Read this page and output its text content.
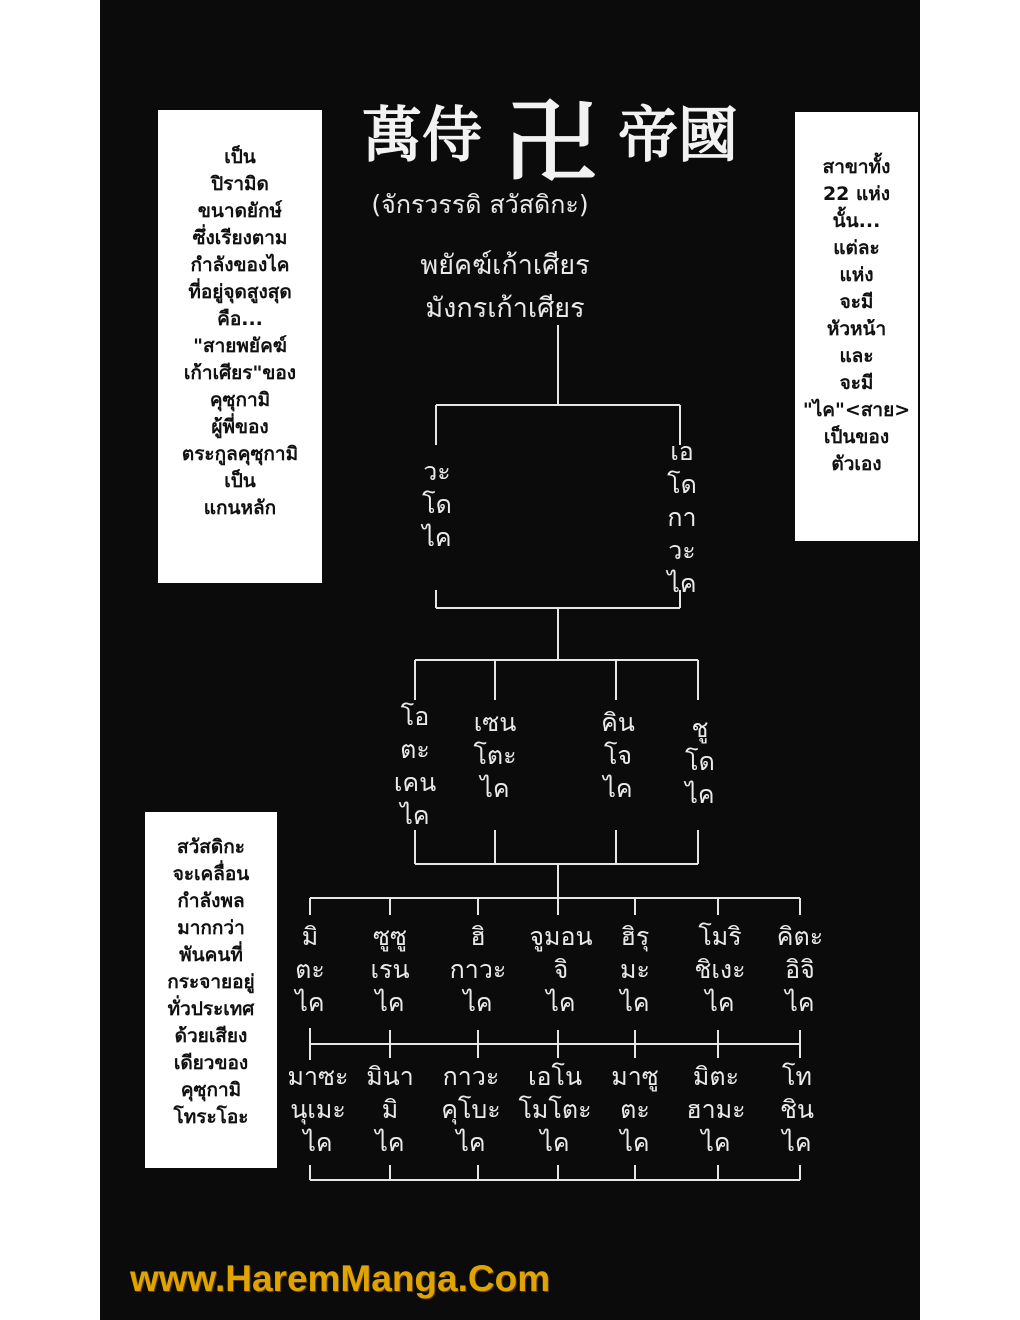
萬侍 卍 帝國
(จักรวรรดิ สวัสดิกะ)
พยัคฆ์เก้าเศียร
มังกรเก้าเศียร
วะ
โด
ไค
เอ
โด
กา
วะ
ไค
โอ
ตะ
เคน
ไค
เซน
โตะ
ไค
คิน
โจ
ไค
ชู
โด
ไค
มิ
ตะ
ไค
ซูซู
เรน
ไค
ฮิ
กาวะ
ไค
จูมอน
จิ
ไค
ฮิรุ
มะ
ไค
โมริ
ชิเงะ
ไค
คิตะ
อิจิ
ไค
มาซะ
นุเมะ
ไค
มินา
มิ
ไค
กาวะ
คุโบะ
ไค
เอโน
โมโตะ
ไค
มาซู
ตะ
ไค
มิตะ
ฮามะ
ไค
โท
ชิน
ไค
เป็น
ปิรามิด
ขนาดยักษ์
ซึ่งเรียงตาม
กำลังของไค
ที่อยู่จุดสูงสุด
คือ...
"สายพยัคฆ์
เก้าเศียร"ของ
คุซุกามิ
ผู้พี่ของ
ตระกูลคุซุกามิ
เป็น
แกนหลัก
สาขาทั้ง
22 แห่ง
นั้น...
แต่ละ
แห่ง
จะมี
หัวหน้า
และ
จะมี
"ไค"<สาย>
เป็นของ
ตัวเอง
สวัสดิกะ
จะเคลื่อน
กำลังพล
มากกว่า
พันคนที่
กระจายอยู่
ทั่วประเทศ
ด้วยเสียง
เดียวของ
คุซุกามิ
โทระโอะ
www.HaremManga.Com
